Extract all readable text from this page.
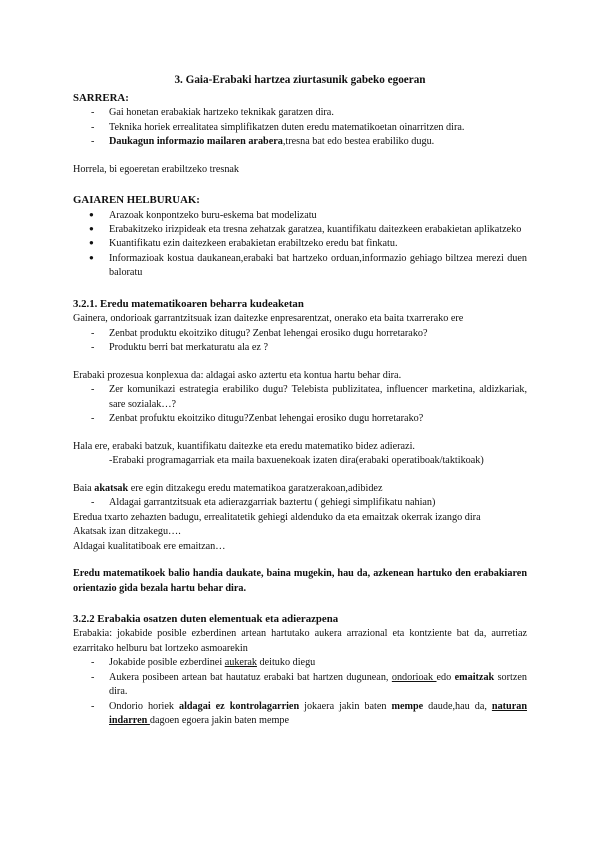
3. Gaia-Erabaki hartzea ziurtasunik gabeko egoeran

SARRERA:

- Gai honetan erabakiak hartzeko teknikak garatzen dira.
- Teknika horiek errealitatea simplifikatzen duten eredu matematikoetan oinarritzen dira.
- Daukagun informazio mailaren arabera,tresna bat edo bestea erabiliko dugu.

Horrela, bi egoeretan erabiltzeko tresnak

GAIAREN HELBURUAK:

● Arazoak konpontzeko buru-eskema bat modelizatu
● Erabakitzeko irizpideak eta tresna zehatzak garatzea, kuantifikatu daitezkeen erabakietan aplikatzeko
● Kuantifikatu ezin daitezkeen erabakietan erabiltzeko eredu bat finkatu.
● Informazioak kostua daukanean,erabaki bat hartzeko orduan,informazio gehiago biltzea merezi duen baloratu

3.2.1. Eredu matematikoaren beharra kudeaketan

Gainera, ondorioak garrantzitsuak izan daitezke enpresarentzat, onerako eta baita txarrerako ere

- Zenbat produktu ekoitziko ditugu? Zenbat lehengai erosiko dugu horretarako?
- Produktu berri bat merkaturatu ala ez ?

Erabaki prozesua konplexua da: aldagai asko aztertu eta kontua hartu behar dira.

- Zer komunikazi estrategia erabiliko dugu? Telebista publizitatea, influencer marketina, aldizkariak, sare sozialak…?
- Zenbat profuktu ekoitziko ditugu?Zenbat lehengai erosiko dugu horretarako?

Hala ere, erabaki batzuk, kuantifikatu daitezke eta eredu matematiko bidez adierazi.

-Erabaki programagarriak eta maila baxuenekoak izaten dira(erabaki operatiboak/taktikoak)

Baia akatsak ere egin ditzakegu eredu matematikoa garatzerakoan,adibidez

- Aldagai garrantzitsuak eta adierazgarriak baztertu ( gehiegi simplifikatu nahian)

Eredua txarto zehazten badugu, errealitatetik gehiegi aldenduko da eta emaitzak okerrak izango dira

Akatsak izan ditzakegu….

Aldagai kualitatiboak ere emaitzan…

Eredu matematikoek balio handia daukate, baina mugekin, hau da, azkenean hartuko den erabakiaren orientazio gida bezala hartu behar dira.

3.2.2 Erabakia osatzen duten elementuak eta adierazpena

Erabakia: jokabide posible ezberdinen artean hartutako aukera arrazional eta kontziente bat da, aurretiaz ezarritako helburu bat lortzeko asmoarekin

- Jokabide posible ezberdinei aukerak deituko diegu
- Aukera posibeen artean bat hautatuz erabaki bat hartzen dugunean, ondorioak edo emaitzak sortzen dira.
- Ondorio horiek aldagai ez kontrolagarrien jokaera jakin baten mempe daude,hau da, naturan indarren dagoen egoera jakin baten mempe
